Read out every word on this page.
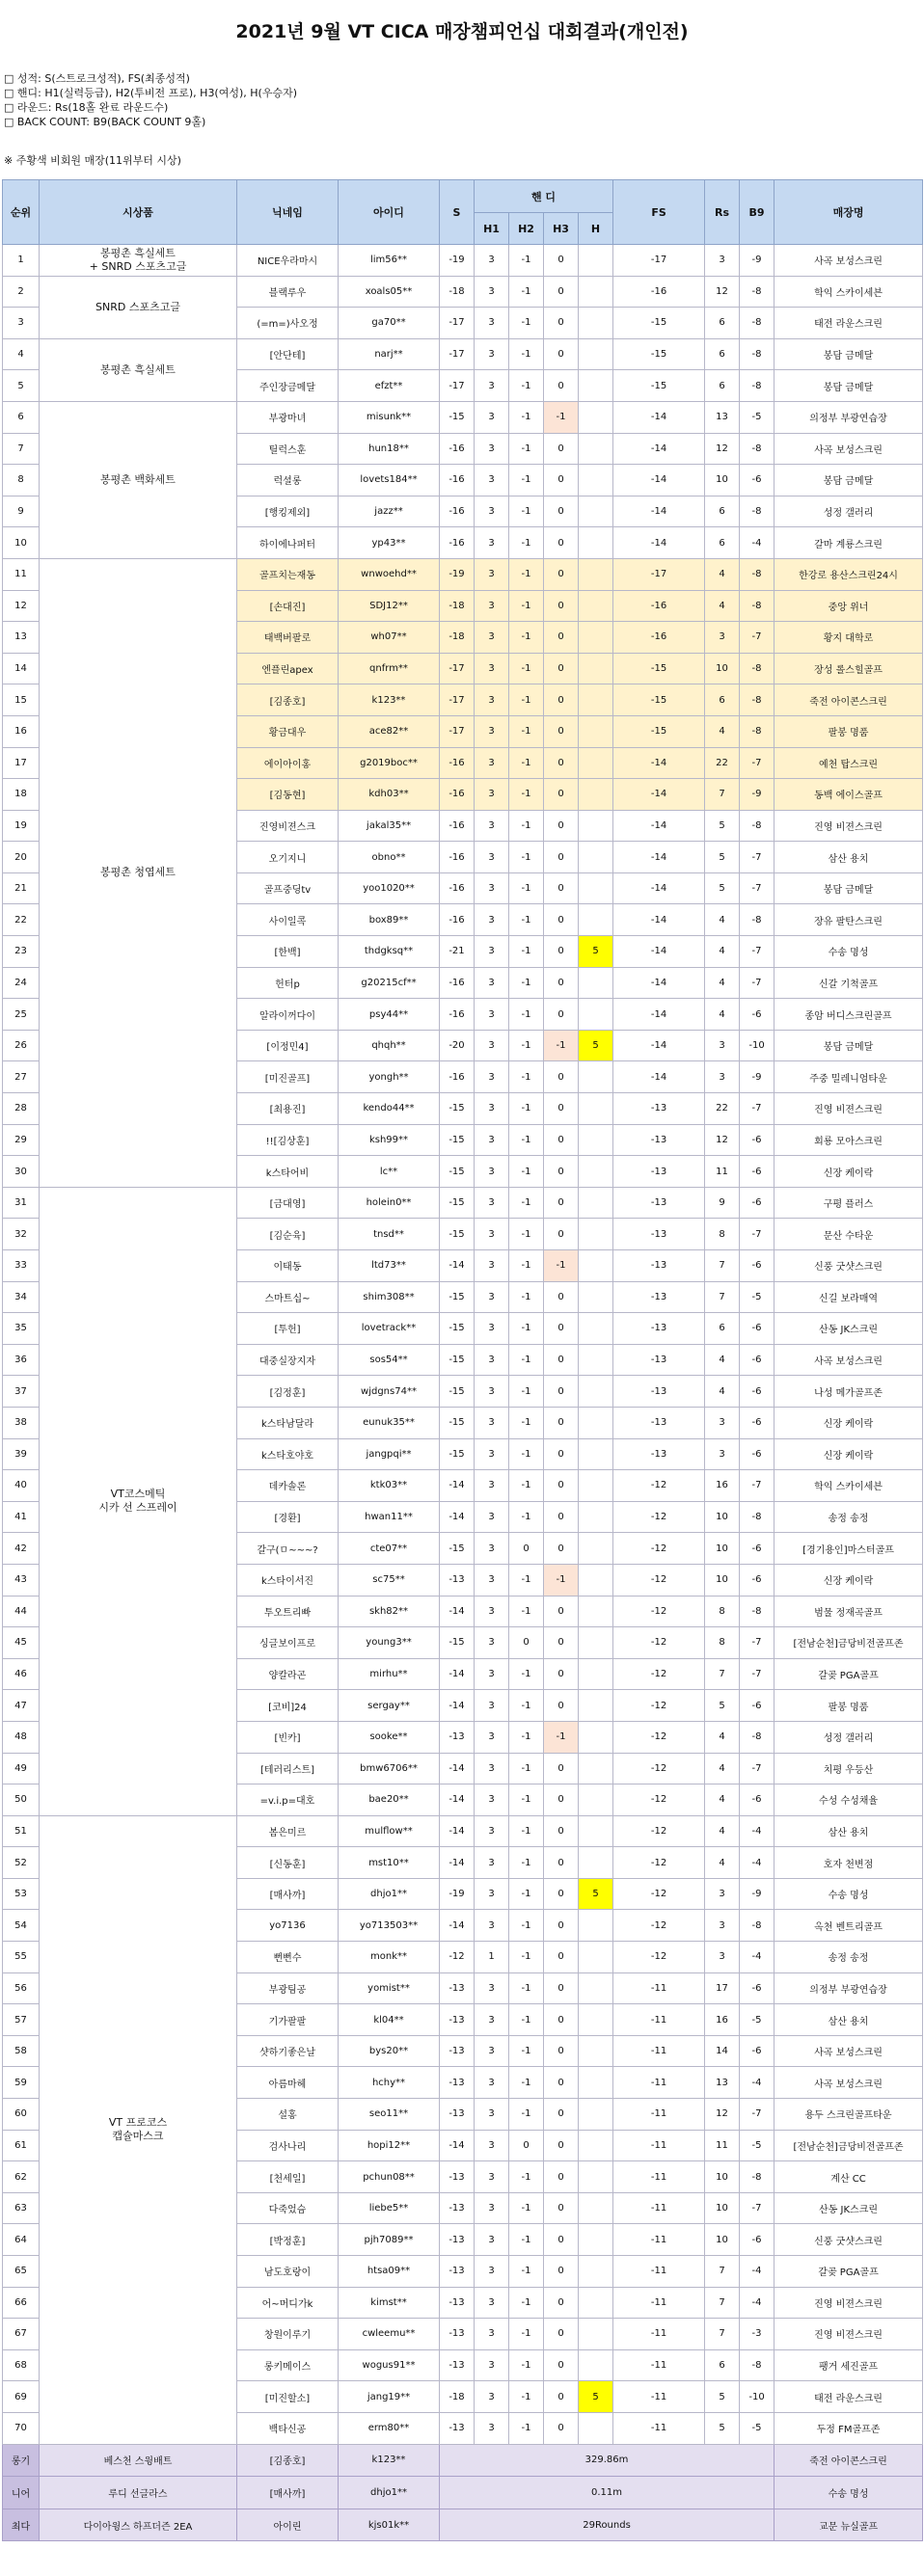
2021년 9월 VT CICA 매장챔피언십 대회결과(개인전)
□ 성적: S(스트로크성적), FS(최종성적)
□ 핸디: H1(실력등급), H2(투비전 프로), H3(여성), H(우승자)
□ 라운드: Rs(18홀 완료 라운드수)
□ BACK COUNT: B9(BACK COUNT 9홀)
※ 주황색 비회원 매장(11위부터 시상)
순위	시상품	닉네임	아이디	S	핸 디				FS	Rs	B9	매장명
					H1	H2	H3	H				
1	봉평촌 흑실세트
+ SNRD 스포츠고글	NICE우라마시	lim56**	-19	3	-1	0		-17	3	-9	사곡 보성스크린
2	SNRD 스포츠고글	블랙루우	xoals05**	-18	3	-1	0		-16	12	-8	학익 스카이세븐
3		(=m=)사오정	ga70**	-17	3	-1	0		-15	6	-8	태전 라운스크린
4	봉평촌 흑실세트	[안단테]	narj**	-17	3	-1	0		-15	6	-8	봉담 금메달
5		주인장금메달	efzt**	-17	3	-1	0		-15	6	-8	봉담 금메달
6	봉평촌 백화세트	부광마녀	misunk**	-15	3	-1	-1		-14	13	-5	의정부 부광연습장
7		틸럭스훈	hun18**	-16	3	-1	0		-14	12	-8	사곡 보성스크린
8		럭셜롱	lovets184**	-16	3	-1	0		-14	10	-6	봉담 금메달
9		[행킹제외]	jazz**	-16	3	-1	0		-14	6	-8	성정 갤러리
10		하이에나퍼터	yp43**	-16	3	-1	0		-14	6	-4	갈마 계룡스크린
11	봉평촌 청엽세트	골프치는재동	wnwoehd**	-19	3	-1	0		-17	4	-8	한강로 용산스크린24시
12		[손대진]	SDJ12**	-18	3	-1	0		-16	4	-8	중앙 위너
13		태백버팔로	wh07**	-18	3	-1	0		-16	3	-7	황지 대학로
14		엔플린apex	qnfrm**	-17	3	-1	0		-15	10	-8	장성 롤스힐골프
15		[김종호]	k123**	-17	3	-1	0		-15	6	-8	죽전 아이콘스크린
16		황금대우	ace82**	-17	3	-1	0		-15	4	-8	팔봉 명품
17		에이아이홍	g2019boc**	-16	3	-1	0		-14	22	-7	예천 탑스크린
18		[김동현]	kdh03**	-16	3	-1	0		-14	7	-9	동백 에이스골프
19		진영비젼스크	jakal35**	-16	3	-1	0		-14	5	-8	진영 비젼스크린
20		오기지니	obno**	-16	3	-1	0		-14	5	-7	삼산 용치
21		골프중딩tv	yoo1020**	-16	3	-1	0		-14	5	-7	봉담 금메달
22		사이일콕	box89**	-16	3	-1	0		-14	4	-8	장유 팔탄스크린
23		[한백]	thdgksq**	-21	3	-1	0	5	-14	4	-7	수송 명성
24		헌터p	g20215cf**	-16	3	-1	0		-14	4	-7	신갈 기척골프
25		알라이꺼다이	psy44**	-16	3	-1	0		-14	4	-6	종암 버디스크린골프
26		[이정민4]	qhqh**	-20	3	-1	-1	5	-14	3	-10	봉담 금메달
27		[미진골프]	yongh**	-16	3	-1	0		-14	3	-9	주중 밀레니엄타운
28		[최용진]	kendo44**	-15	3	-1	0		-13	22	-7	진영 비젼스크린
29		!![김상훈]	ksh99**	-15	3	-1	0		-13	12	-6	회룡 모아스크린
30		k스타어비	lc**	-15	3	-1	0		-13	11	-6	신장 케이락
31	VT코스메틱
시카 선 스프레이	[금대영]	holein0**	-15	3	-1	0		-13	9	-6	구평 플러스
32		[김순육]	tnsd**	-15	3	-1	0		-13	8	-7	문산 수타운
33		이태동	ltd73**	-14	3	-1	-1		-13	7	-6	신풍 굿샷스크린
34		스마트십~	shim308**	-15	3	-1	0		-13	7	-5	신길 보라매역
35		[투헌]	lovetrack**	-15	3	-1	0		-13	6	-6	산동 JK스크린
36		대중실장지자	sos54**	-15	3	-1	0		-13	4	-6	사곡 보성스크린
37		[김정훈]	wjdgns74**	-15	3	-1	0		-13	4	-6	나성 메가골프존
38		k스타남달라	eunuk35**	-15	3	-1	0		-13	3	-6	신장 케이락
39		k스타호야호	jangpqi**	-15	3	-1	0		-13	3	-6	신장 케이락
40		데카솔론	ktk03**	-14	3	-1	0		-12	16	-7	학익 스카이세븐
41		[경환]	hwan11**	-14	3	-1	0		-12	10	-8	송정 송정
42		갈구(ㅁ~~~?	cte07**	-15	3	0	0		-12	10	-6	[경기용인]마스터골프
43		k스타이서진	sc75**	-13	3	-1	-1		-12	10	-6	신장 케이락
44		투오트리빠	skh82**	-14	3	-1	0		-12	8	-8	범물 정재곡골프
45		싱글보이프로	young3**	-15	3	0	0		-12	8	-7	[전남순천]금당비전골프존
46		양칼라곤	mirhu**	-14	3	-1	0		-12	7	-7	갈곶 PGA골프
47		[코비]24	sergay**	-14	3	-1	0		-12	5	-6	팔봉 명품
48		[빈카]	sooke**	-13	3	-1	-1		-12	4	-8	성정 갤러리
49		[테러리스트]	bmw6706**	-14	3	-1	0		-12	4	-7	치평 우등산
50		=v.i.p=대호	bae20**	-14	3	-1	0		-12	4	-6	수성 수성채율
51	VT 프로코스
캡슐마스크	봄은미르	mulflow**	-14	3	-1	0		-12	4	-4	삼산 용치
52		[신동훈]	mst10**	-14	3	-1	0		-12	4	-4	호자 천변점
53		[매사까]	dhjo1**	-19	3	-1	0	5	-12	3	-9	수송 명성
54		yo7136	yo713503**	-14	3	-1	0		-12	3	-8	옥천 벤트리골프
55		뻔뻔수	monk**	-12	1	-1	0		-12	3	-4	송정 송정
56		부광팀공	yomist**	-13	3	-1	0		-11	17	-6	의정부 부광연습장
57		기가팔팔	kl04**	-13	3	-1	0		-11	16	-5	삼산 용치
58		샷하기좋은날	bys20**	-13	3	-1	0		-11	14	-6	사곡 보성스크린
59		아름마헤	hchy**	-13	3	-1	0		-11	13	-4	사곡 보성스크린
60		설홍	seo11**	-13	3	-1	0		-11	12	-7	용두 스크린골프타운
61		검사나리	hopi12**	-14	3	0	0		-11	11	-5	[전남순천]금당비전골프존
62		[천세일]	pchun08**	-13	3	-1	0		-11	10	-8	계산 CC
63		다죽었슴	liebe5**	-13	3	-1	0		-11	10	-7	산동 JK스크린
64		[박정훈]	pjh7089**	-13	3	-1	0		-11	10	-6	신풍 굿샷스크린
65		남도호랑이	htsa09**	-13	3	-1	0		-11	7	-4	갈곶 PGA골프
66		어~머디가k	kimst**	-13	3	-1	0		-11	7	-4	진영 비젼스크린
67		창원이루기	cwleemu**	-13	3	-1	0		-11	7	-3	진영 비젼스크린
68		롱키메이스	wogus91**	-13	3	-1	0		-11	6	-8	팽거 세진골프
69		[미진할소]	jang19**	-18	3	-1	0	5	-11	5	-10	태전 라운스크린
70		백타신공	erm80**	-13	3	-1	0		-11	5	-5	두정 FM골프존
롱기	베스천 스윙배트	[김종호]	k123**	329.86m								죽전 아이콘스크린
니어	루디 선글라스	[매사까]	dhjo1**	0.11m								수송 명성
최다	다이아윙스 하프더즌 2EA	아이린	kjs01k**	29Rounds								교문 뉴실골프
